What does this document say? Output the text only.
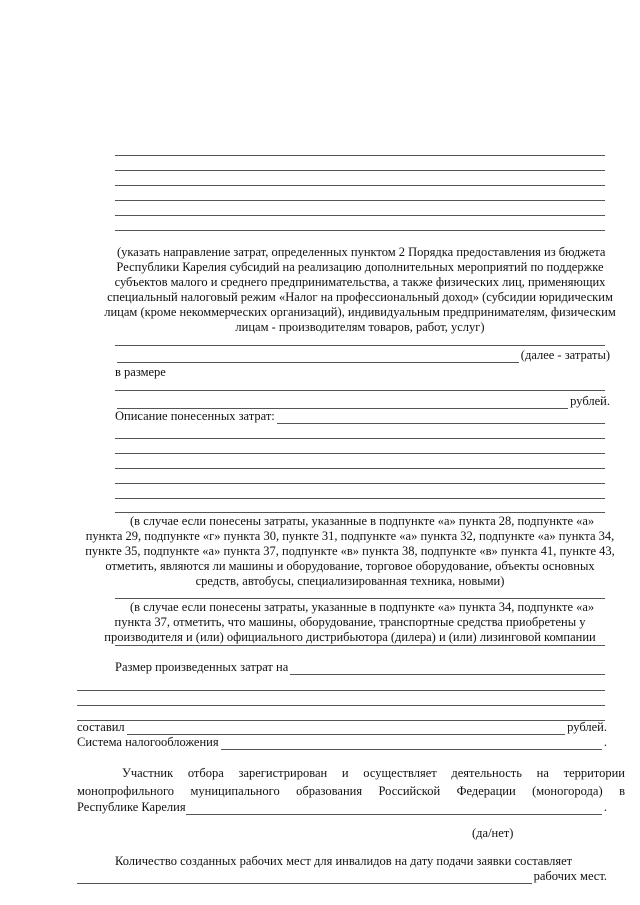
(указать направление затрат, определенных пунктом 2 Порядка предоставления из бюджета
Республики Карелия субсидий на реализацию дополнительных мероприятий по поддержке
субъектов малого и среднего предпринимательства, а также физических лиц, применяющих
специальный налоговый режим «Налог на профессиональный доход» (субсидии юридическим
лицам (кроме некоммерческих организаций), индивидуальным предпринимателям, физическим
лицам - производителям товаров, работ, услуг)
(далее - затраты)
в размере
рублей.
Описание понесенных затрат:
(в случае если понесены затраты, указанные в подпункте «а» пункта 28, подпункте «а»
пункта 29, подпункте «г» пункта 30, пункте 31, подпункте «а» пункта 32, подпункте «а» пункта 34,
пункте 35, подпункте «а» пункта 37, подпункте «в» пункта 38, подпункте «в» пункта 41, пункте 43,
отметить, являются ли машины и оборудование, торговое оборудование, объекты основных
средств, автобусы, специализированная техника, новыми)
(в случае если понесены затраты, указанные в подпункте «а» пункта 34, подпункте «а»
пункта 37, отметить, что машины, оборудование, транспортные средства приобретены у
производителя и (или) официального дистрибьютора (дилера) и (или) лизинговой компании
Размер произведенных затрат на
составил	рублей.
Система налогообложения	.
Участник отбора зарегистрирован и осуществляет деятельность на территории монопрофильного муниципального образования Российской Федерации (моногорода) в
Республике Карелия	.
(да/нет)
Количество созданных рабочих мест для инвалидов на дату подачи заявки составляет
рабочих мест.
